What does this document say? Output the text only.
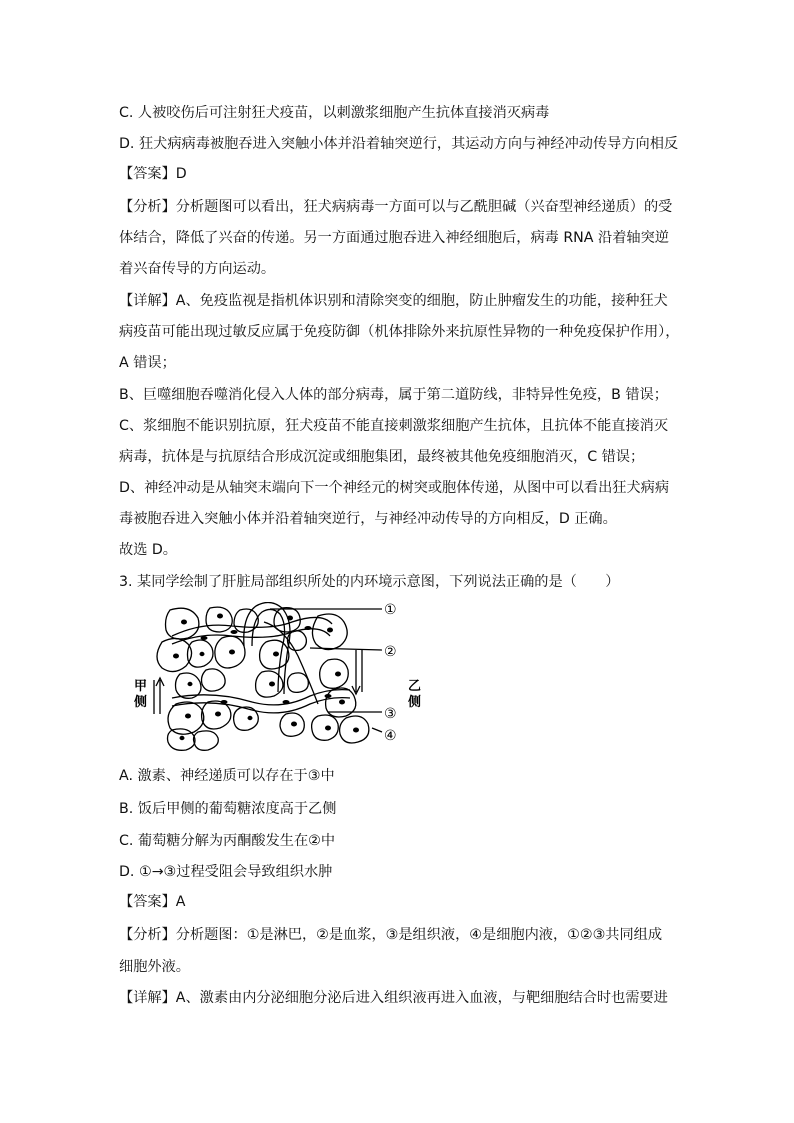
C. 人被咬伤后可注射狂犬疫苗，以刺激浆细胞产生抗体直接消灭病毒
D. 狂犬病病毒被胞吞进入突触小体并沿着轴突逆行，其运动方向与神经冲动传导方向相反
【答案】D
【分析】分析题图可以看出，狂犬病病毒一方面可以与乙酰胆碱（兴奋型神经递质）的受
体结合，降低了兴奋的传递。另一方面通过胞吞进入神经细胞后，病毒 RNA 沿着轴突逆
着兴奋传导的方向运动。
【详解】A、免疫监视是指机体识别和清除突变的细胞，防止肿瘤发生的功能，接种狂犬
病疫苗可能出现过敏反应属于免疫防御（机体排除外来抗原性异物的一种免疫保护作用），
A 错误；
B、巨噬细胞吞噬消化侵入人体的部分病毒，属于第二道防线，非特异性免疫，B 错误；
C、浆细胞不能识别抗原，狂犬疫苗不能直接刺激浆细胞产生抗体，且抗体不能直接消灭
病毒，抗体是与抗原结合形成沉淀或细胞集团，最终被其他免疫细胞消灭，C 错误；
D、神经冲动是从轴突末端向下一个神经元的树突或胞体传递，从图中可以看出狂犬病病
毒被胞吞进入突触小体并沿着轴突逆行，与神经冲动传导的方向相反，D 正确。
故选 D。
3. 某同学绘制了肝脏局部组织所处的内环境示意图，下列说法正确的是（　　）
①
②
③
④
甲
侧
乙
侧
A. 激素、神经递质可以存在于③中
B. 饭后甲侧的葡萄糖浓度高于乙侧
C. 葡萄糖分解为丙酮酸发生在②中
D. ①→③过程受阻会导致组织水肿
【答案】A
【分析】分析题图：①是淋巴，②是血浆，③是组织液，④是细胞内液，①②③共同组成
细胞外液。
【详解】A、激素由内分泌细胞分泌后进入组织液再进入血液，与靶细胞结合时也需要进
